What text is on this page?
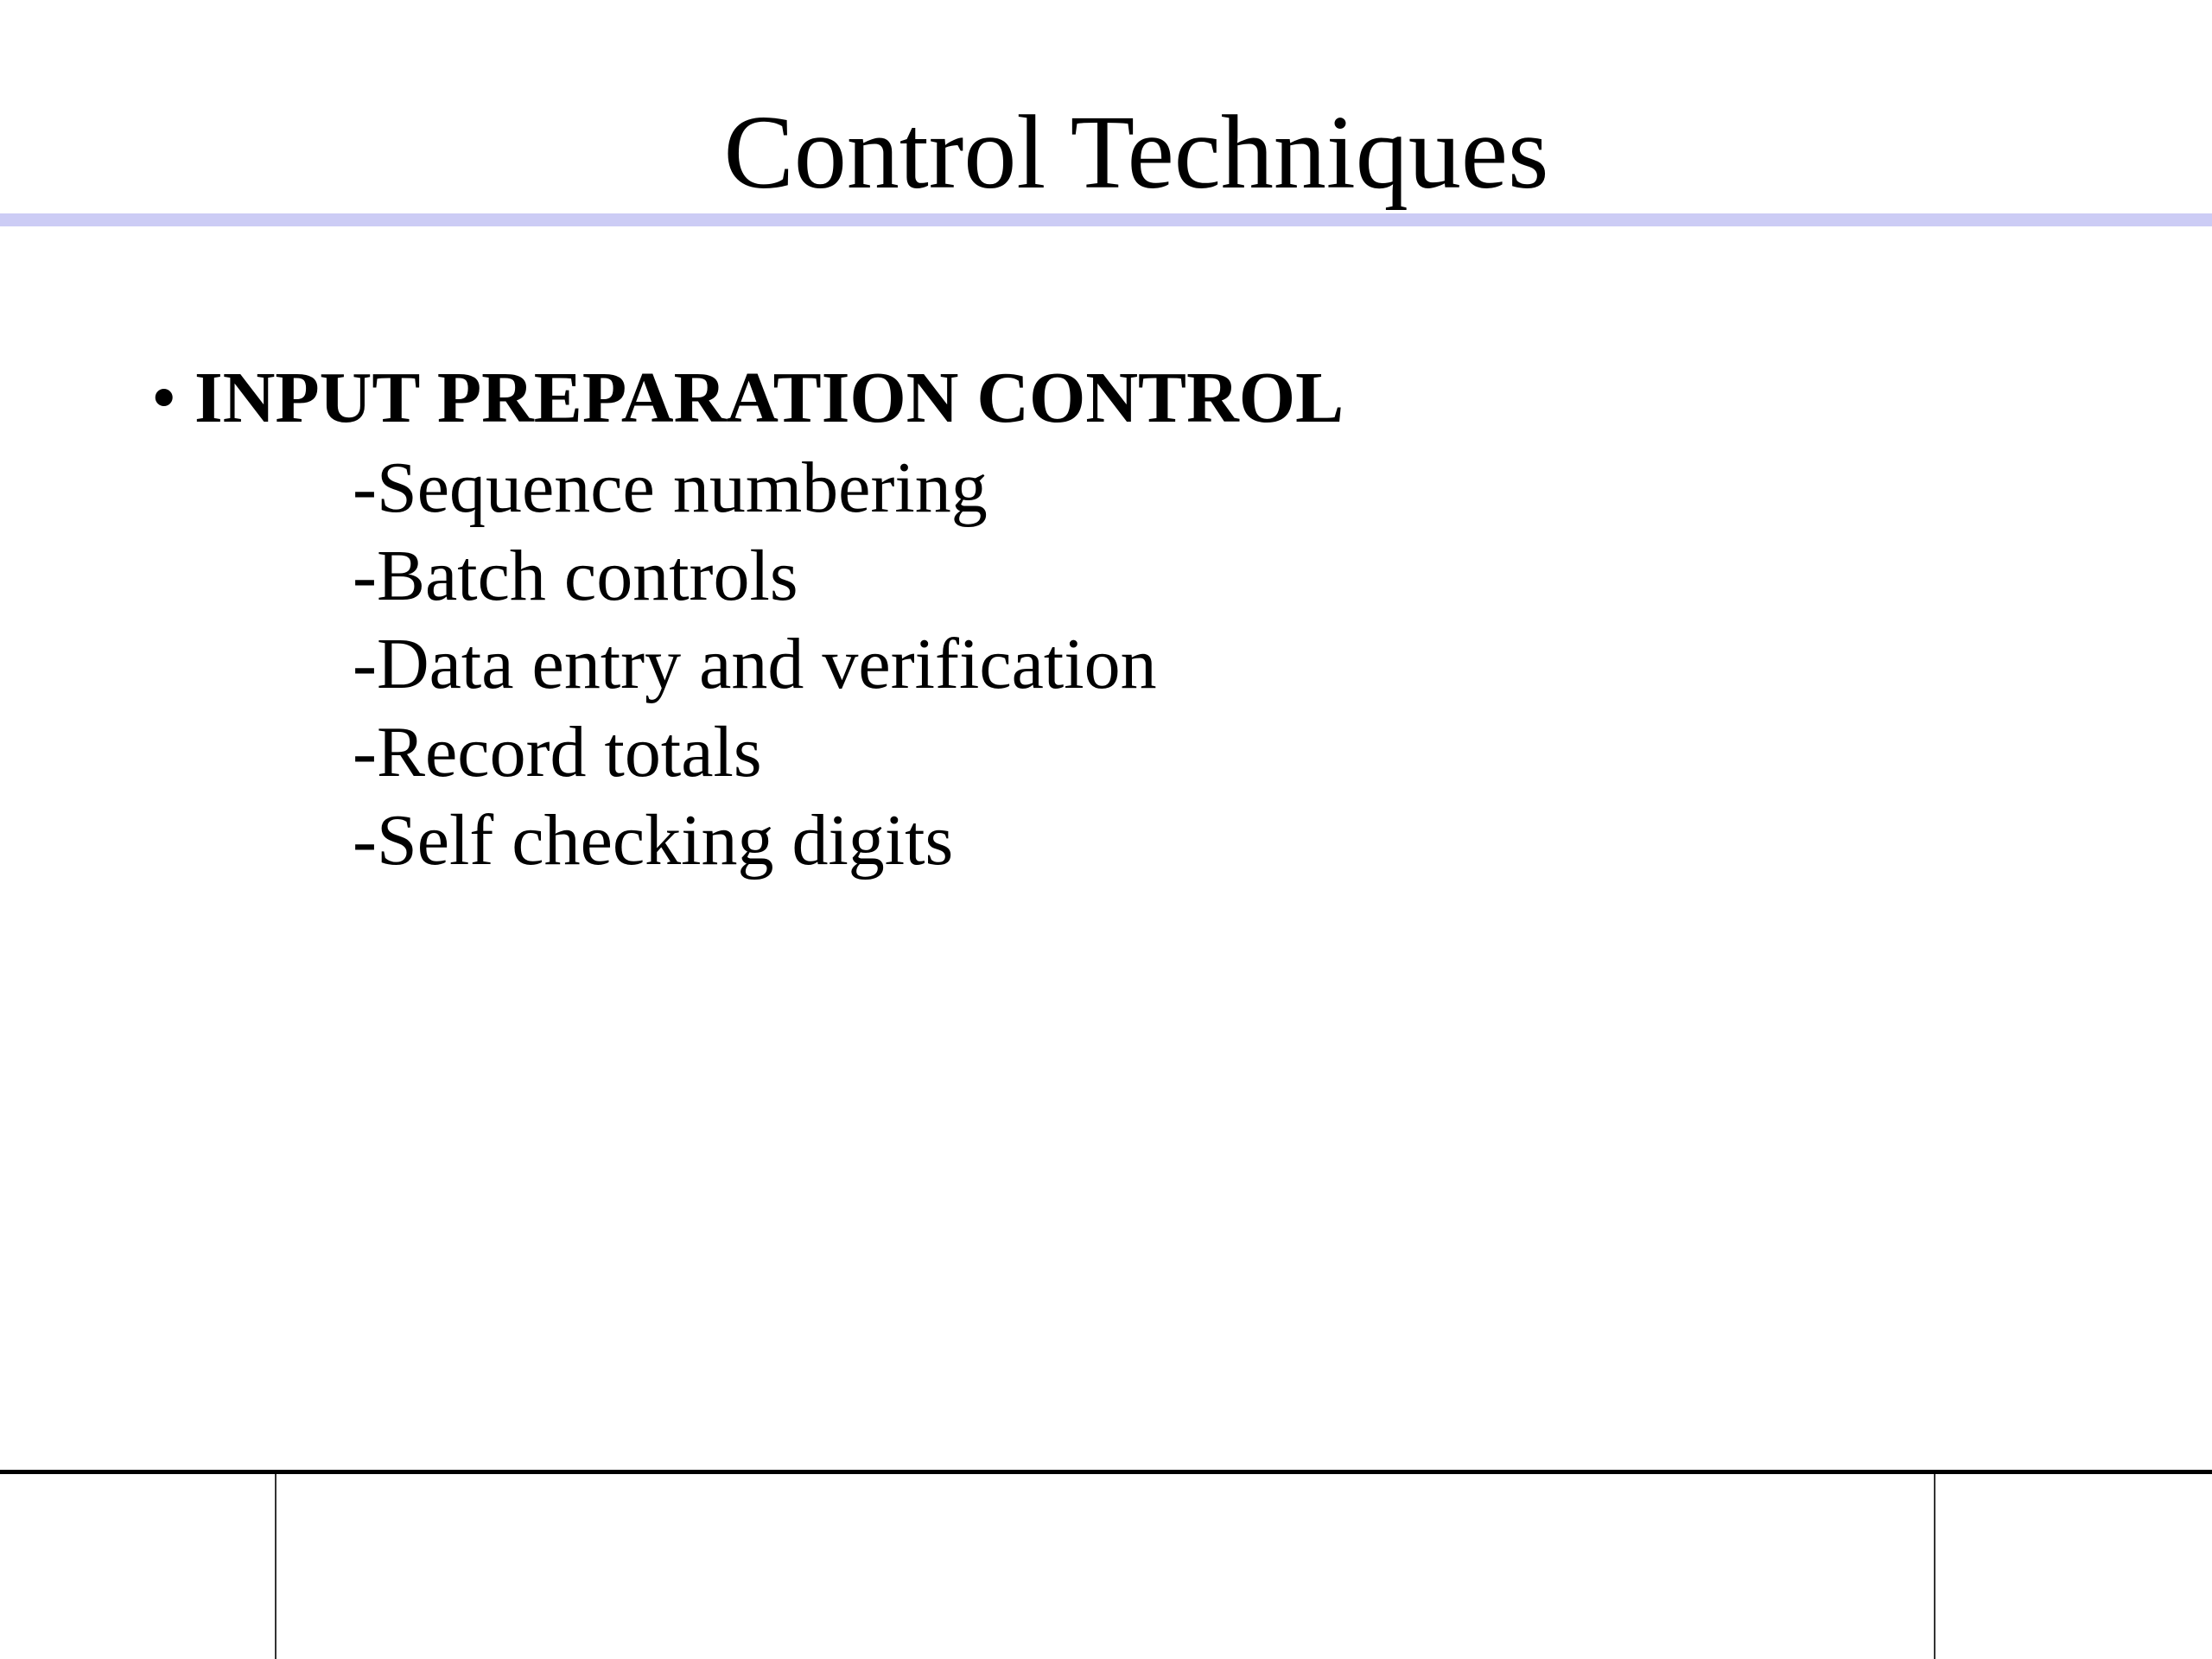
Control Techniques
• INPUT PREPARATION CONTROL
-Sequence numbering
-Batch controls
-Data entry and verification
-Record totals
-Self checking digits
